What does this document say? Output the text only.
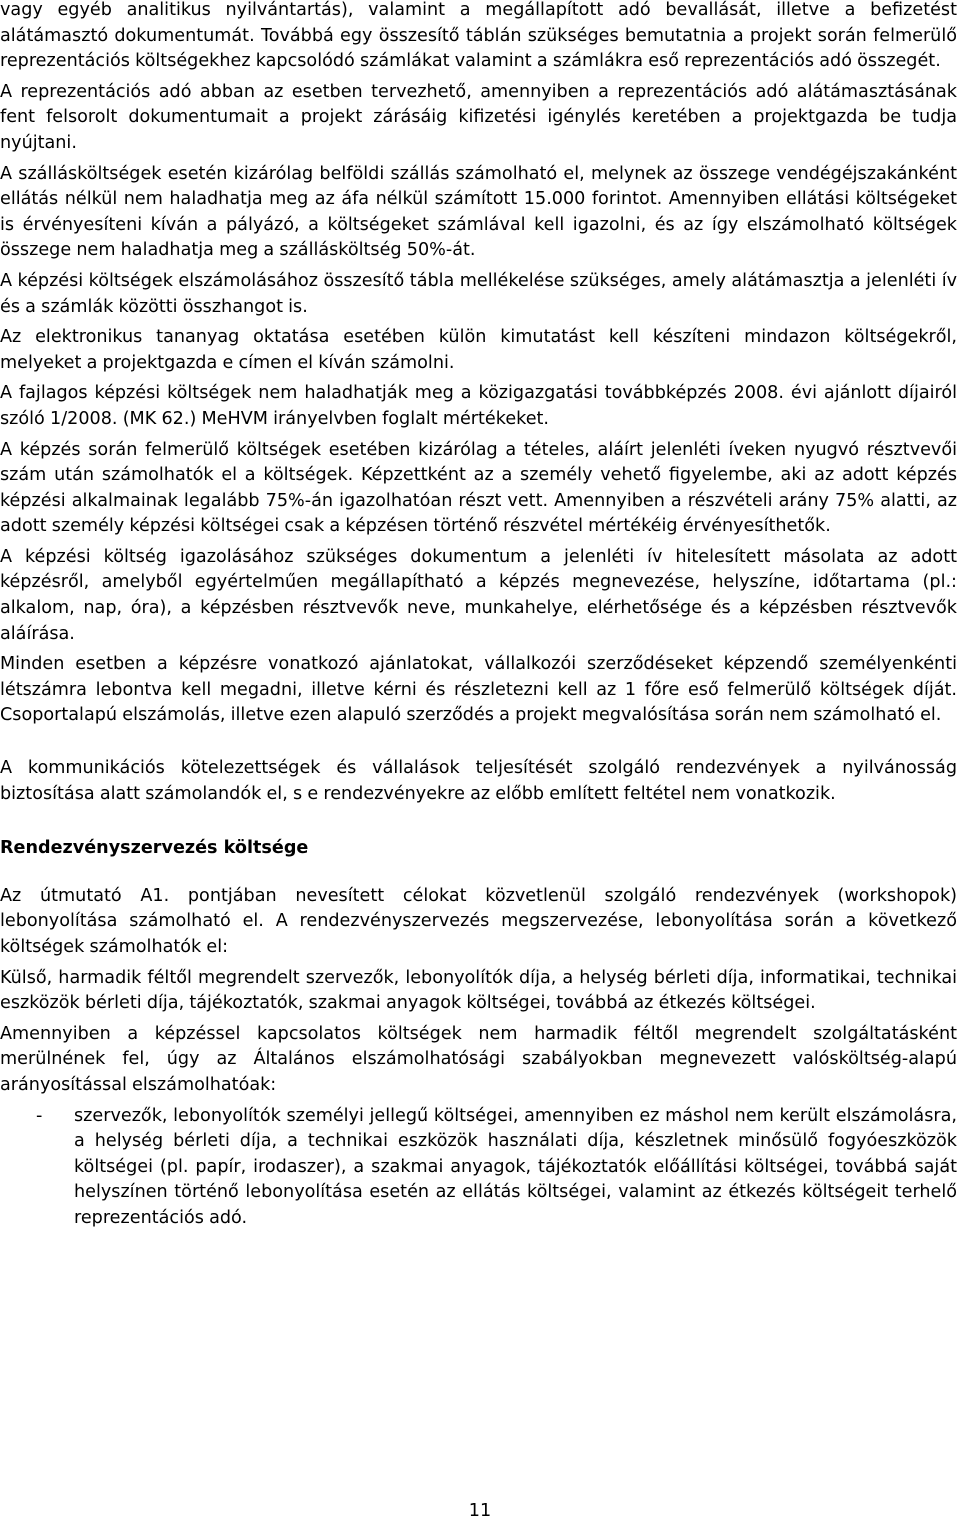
vagy egyéb analitikus nyilvántartás), valamint a megállapított adó bevallását, illetve a befizetést alátámasztó dokumentumát. Továbbá egy összesítő táblán szükséges bemutatnia a projekt során felmerülő reprezentációs költségekhez kapcsolódó számlákat valamint a számlákra eső reprezentációs adó összegét.

A reprezentációs adó abban az esetben tervezhető, amennyiben a reprezentációs adó alátámasztásának fent felsorolt dokumentumait a projekt zárásáig kifizetési igénylés keretében a projektgazda be tudja nyújtani.

A szállásköltségek esetén kizárólag belföldi szállás számolható el, melynek az összege vendégéjszakánként ellátás nélkül nem haladhatja meg az áfa nélkül számított 15.000 forintot. Amennyiben ellátási költségeket is érvényesíteni kíván a pályázó, a költségeket számlával kell igazolni, és az így elszámolható költségek összege nem haladhatja meg a szállásköltség 50%-át.

A képzési költségek elszámolásához összesítő tábla mellékelése szükséges, amely alátámasztja a jelenléti ív és a számlák közötti összhangot is.

Az elektronikus tananyag oktatása esetében külön kimutatást kell készíteni mindazon költségekről, melyeket a projektgazda e címen el kíván számolni.

A fajlagos képzési költségek nem haladhatják meg a közigazgatási továbbképzés 2008. évi ajánlott díjairól szóló 1/2008. (MK 62.) MeHVM irányelvben foglalt mértékeket.

A képzés során felmerülő költségek esetében kizárólag a tételes, aláírt jelenléti íveken nyugvó résztvevői szám után számolhatók el a költségek. Képzettként az a személy vehető figyelembe, aki az adott képzés képzési alkalmainak legalább 75%-án igazolhatóan részt vett. Amennyiben a részvételi arány 75% alatti, az adott személy képzési költségei csak a képzésen történő részvétel mértékéig érvényesíthetők.

A képzési költség igazolásához szükséges dokumentum a jelenléti ív hitelesített másolata az adott képzésről, amelyből egyértelműen megállapítható a képzés megnevezése, helyszíne, időtartama (pl.: alkalom, nap, óra), a képzésben résztvevők neve, munkahelye, elérhetősége és a képzésben résztvevők aláírása.

Minden esetben a képzésre vonatkozó ajánlatokat, vállalkozói szerződéseket képzendő személyenkénti létszámra lebontva kell megadni, illetve kérni és részletezni kell az 1 főre eső felmerülő költségek díját. Csoportalapú elszámolás, illetve ezen alapuló szerződés a projekt megvalósítása során nem számolható el.

A kommunikációs kötelezettségek és vállalások teljesítését szolgáló rendezvények a nyilvánosság biztosítása alatt számolandók el, s e rendezvényekre az előbb említett feltétel nem vonatkozik.

Rendezvényszervezés költsége

Az útmutató A1. pontjában nevesített célokat közvetlenül szolgáló rendezvények (workshopok) lebonyolítása számolható el. A rendezvényszervezés megszervezése, lebonyolítása során a következő költségek számolhatók el:

Külső, harmadik féltől megrendelt szervezők, lebonyolítók díja, a helység bérleti díja, informatikai, technikai eszközök bérleti díja, tájékoztatók, szakmai anyagok költségei, továbbá az étkezés költségei.

Amennyiben a képzéssel kapcsolatos költségek nem harmadik féltől megrendelt szolgáltatásként merülnének fel, úgy az Általános elszámolhatósági szabályokban megnevezett valósköltség-alapú arányosítással elszámolhatóak:

- szervezők, lebonyolítók személyi jellegű költségei, amennyiben ez máshol nem került elszámolásra, a helység bérleti díja, a technikai eszközök használati díja, készletnek minősülő fogyóeszközök költségei (pl. papír, irodaszer), a szakmai anyagok, tájékoztatók előállítási költségei, továbbá saját helyszínen történő lebonyolítása esetén az ellátás költségei, valamint az étkezés költségeit terhelő reprezentációs adó.
11
